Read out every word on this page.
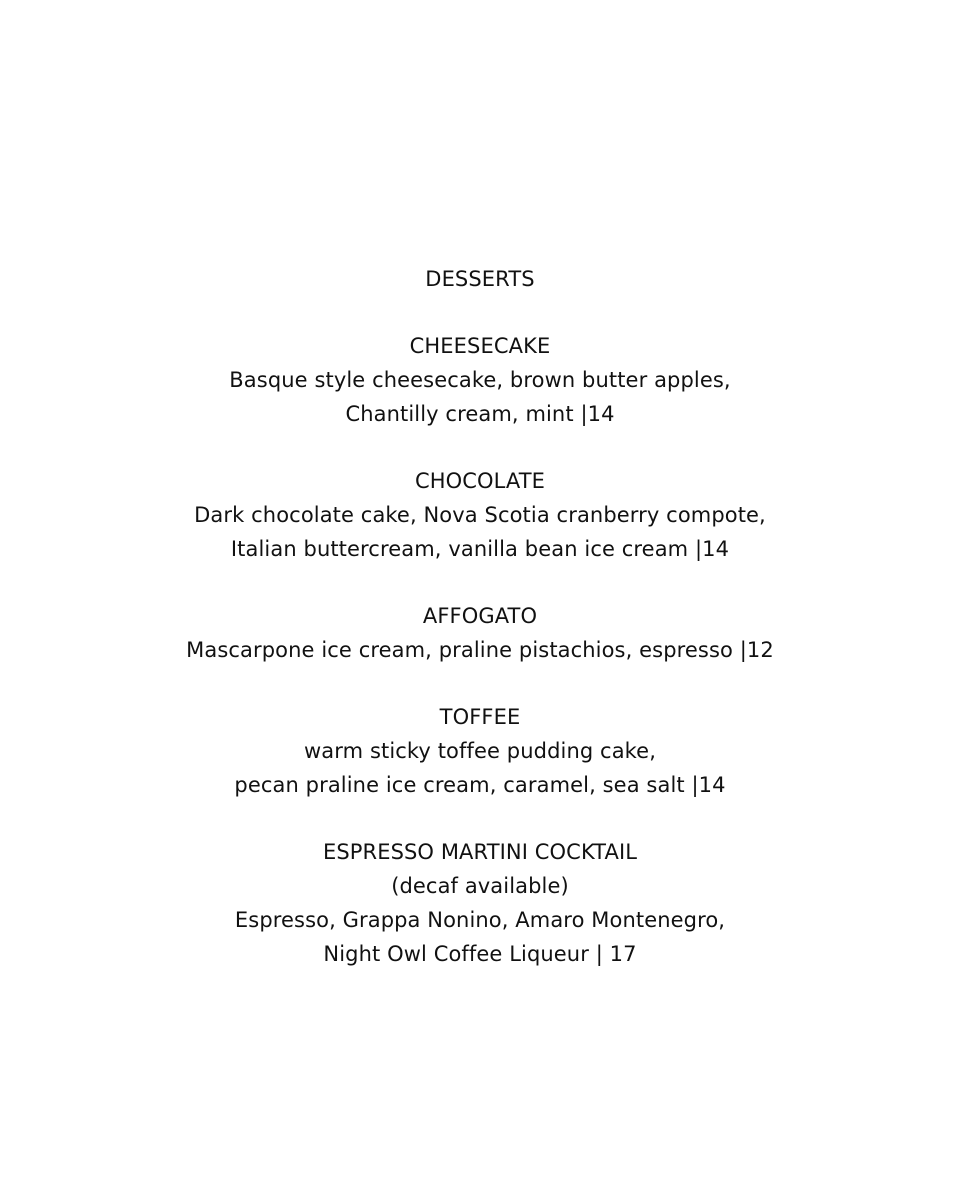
DESSERTS
CHEESECAKE
Basque style cheesecake, brown butter apples,
Chantilly cream, mint |14
CHOCOLATE
Dark chocolate cake, Nova Scotia cranberry compote,
Italian buttercream, vanilla bean ice cream |14
AFFOGATO
Mascarpone ice cream, praline pistachios, espresso |12
TOFFEE
warm sticky toffee pudding cake,
pecan praline ice cream, caramel, sea salt |14
ESPRESSO MARTINI COCKTAIL
(decaf available)
Espresso, Grappa Nonino, Amaro Montenegro,
Night Owl Coffee Liqueur | 17
